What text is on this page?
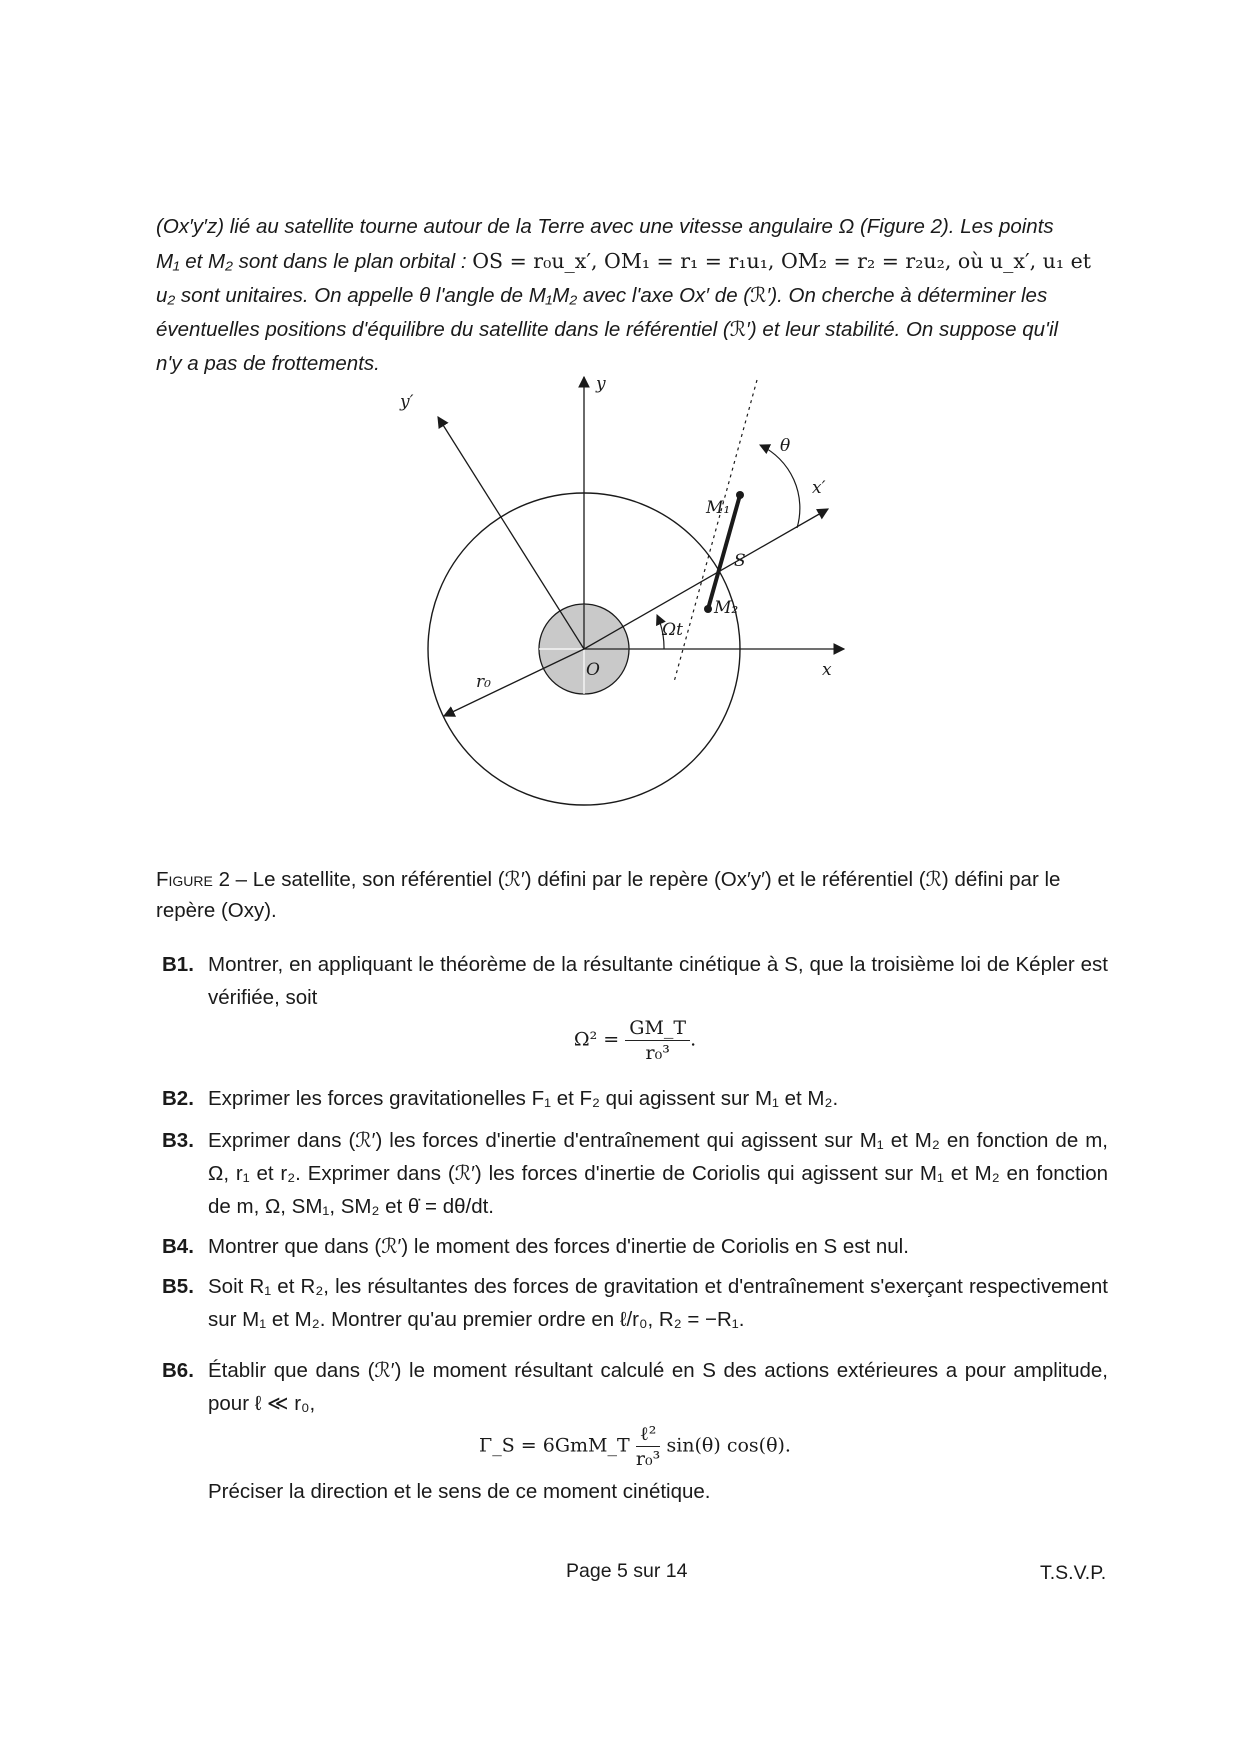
(Ox′y′z) lié au satellite tourne autour de la Terre avec une vitesse angulaire Ω (Figure 2). Les points
M₁ et M₂ sont dans le plan orbital : OS = r₀u_x′, OM₁ = r₁ = r₁u₁, OM₂ = r₂ = r₂u₂, où u_x′, u₁ et
u₂ sont unitaires. On appelle θ l'angle de M₁M₂ avec l'axe Ox′ de (ℛ′). On cherche à déterminer les
éventuelles positions d'équilibre du satellite dans le référentiel (ℛ′) et leur stabilité. On suppose qu'il
n'y a pas de frottements.
y
y′
x
x′
θ
M₁
M₂
S
Ωt
r₀
O
Figure 2 – Le satellite, son référentiel (ℛ′) défini par le repère (Ox′y′) et le référentiel (ℛ) défini par le repère (Oxy).
B1. Montrer, en appliquant le théorème de la résultante cinétique à S, que la troisième loi de Képler est vérifiée, soit
$\Omega^2 = \frac{GM\_T}{\text{r₀³}}$ .
B2. Exprimer les forces gravitationelles F₁ et F₂ qui agissent sur M₁ et M₂.
B3. Exprimer dans (ℛ′) les forces d'inertie d'entraînement qui agissent sur M₁ et M₂ en fonction de m, Ω, r₁ et r₂. Exprimer dans (ℛ′) les forces d'inertie de Coriolis qui agissent sur M₁ et M₂ en fonction de m, Ω, SM₁, SM₂ et θ̇ = dθ/dt.
B4. Montrer que dans (ℛ′) le moment des forces d'inertie de Coriolis en S est nul.
B5. Soit R₁ et R₂, les résultantes des forces de gravitation et d'entraînement s'exerçant respectivement sur M₁ et M₂. Montrer qu'au premier ordre en ℓ/r₀, R₂ = −R₁.
B6. Établir que dans (ℛ′) le moment résultant calculé en S des actions extérieures a pour amplitude, pour ℓ ≪ r₀,
Γ_S = 6GmM_T $\frac{\text{ℓ²}}{\text{r₀³}} \sin(\theta)$ cos(θ).
Préciser la direction et le sens de ce moment cinétique.
Page 5 sur 14	T.S.V.P.
